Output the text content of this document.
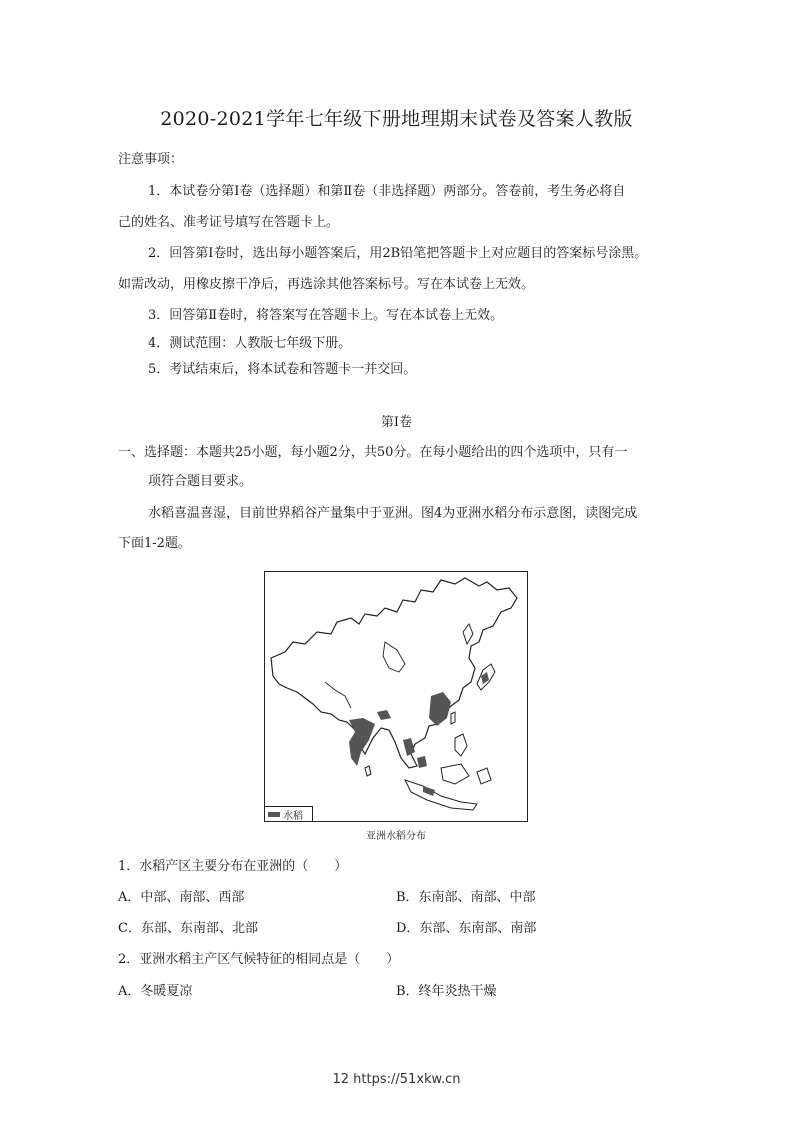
2020-2021学年七年级下册地理期末试卷及答案人教版
注意事项：
1．本试卷分第Ⅰ卷（选择题）和第Ⅱ卷（非选择题）两部分。答卷前，考生务必将自
己的姓名、准考证号填写在答题卡上。
2．回答第Ⅰ卷时，选出每小题答案后，用2B铅笔把答题卡上对应题目的答案标号涂黑。
如需改动，用橡皮擦干净后，再选涂其他答案标号。写在本试卷上无效。
3．回答第Ⅱ卷时，将答案写在答题卡上。写在本试卷上无效。
4．测试范围：人教版七年级下册。
5．考试结束后，将本试卷和答题卡一并交回。
第Ⅰ卷
一、选择题：本题共25小题，每小题2分，共50分。在每小题给出的四个选项中，只有一
项符合题目要求。
水稻喜温喜湿，目前世界稻谷产量集中于亚洲。图4为亚洲水稻分布示意图，读图完成
下面1-2题。
水稻
亚洲水稻分布
1．水稻产区主要分布在亚洲的（　　）
A．中部、南部、西部	B．东南部、南部、中部
C．东部、东南部、北部	D．东部、东南部、南部
2．亚洲水稻主产区气候特征的相同点是（　　）
A．冬暖夏凉	B．终年炎热干燥
12 https://51xkw.cn
